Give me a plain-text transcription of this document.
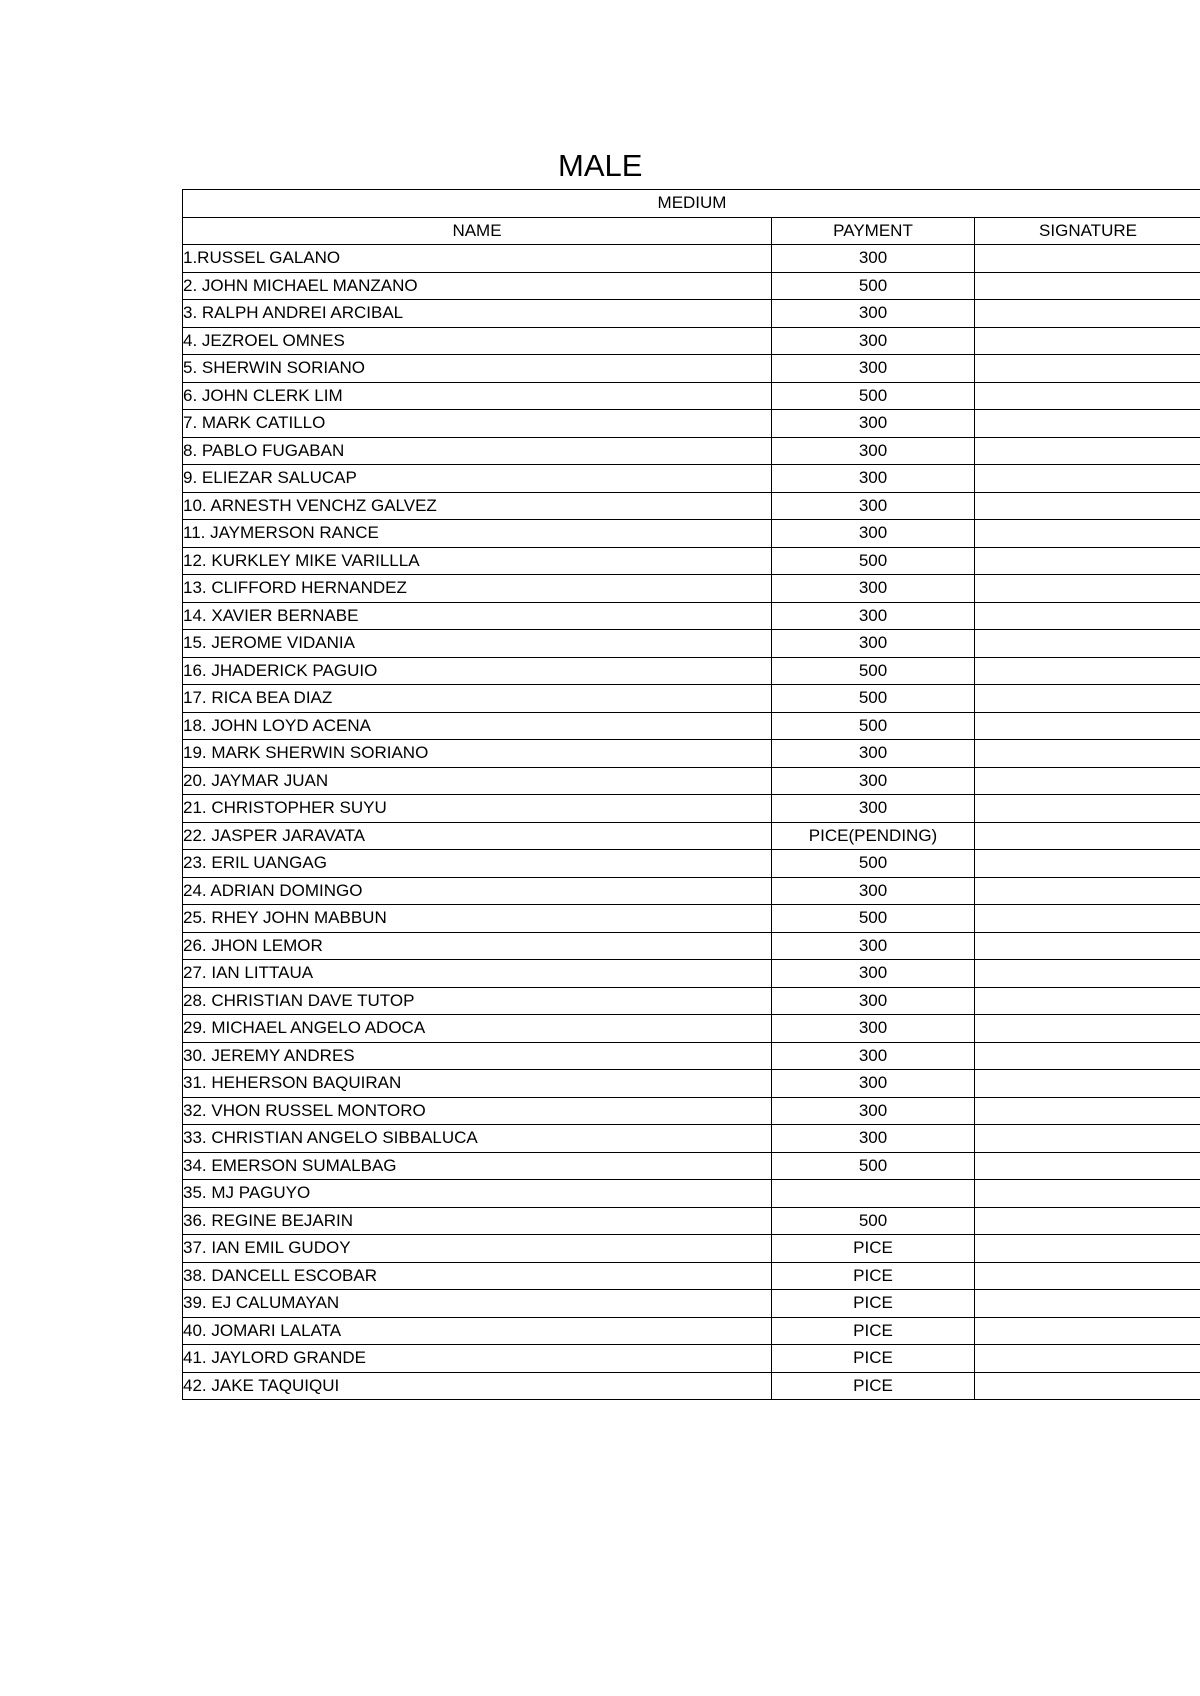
MALE
MEDIUM		
NAME	PAYMENT	SIGNATURE
1.RUSSEL GALANO	300	
2. JOHN MICHAEL MANZANO	500	
3. RALPH ANDREI ARCIBAL	300	
4. JEZROEL OMNES	300	
5. SHERWIN SORIANO	300	
6. JOHN CLERK LIM	500	
7. MARK CATILLO	300	
8. PABLO FUGABAN	300	
9. ELIEZAR SALUCAP	300	
10. ARNESTH VENCHZ GALVEZ	300	
11. JAYMERSON RANCE	300	
12. KURKLEY MIKE VARILLLA	500	
13. CLIFFORD HERNANDEZ	300	
14. XAVIER BERNABE	300	
15. JEROME VIDANIA	300	
16. JHADERICK PAGUIO	500	
17. RICA BEA DIAZ	500	
18. JOHN LOYD ACENA	500	
19. MARK SHERWIN SORIANO	300	
20. JAYMAR JUAN	300	
21. CHRISTOPHER SUYU	300	
22. JASPER JARAVATA	PICE(PENDING)	
23. ERIL UANGAG	500	
24. ADRIAN DOMINGO	300	
25. RHEY JOHN MABBUN	500	
26. JHON LEMOR	300	
27. IAN LITTAUA	300	
28. CHRISTIAN DAVE TUTOP	300	
29. MICHAEL ANGELO ADOCA	300	
30. JEREMY ANDRES	300	
31. HEHERSON BAQUIRAN	300	
32. VHON RUSSEL MONTORO	300	
33. CHRISTIAN ANGELO SIBBALUCA	300	
34. EMERSON SUMALBAG	500	
35. MJ PAGUYO		
36. REGINE BEJARIN	500	
37. IAN EMIL GUDOY	PICE	
38. DANCELL ESCOBAR	PICE	
39. EJ CALUMAYAN	PICE	
40. JOMARI LALATA	PICE	
41. JAYLORD GRANDE	PICE	
42. JAKE TAQUIQUI	PICE	
